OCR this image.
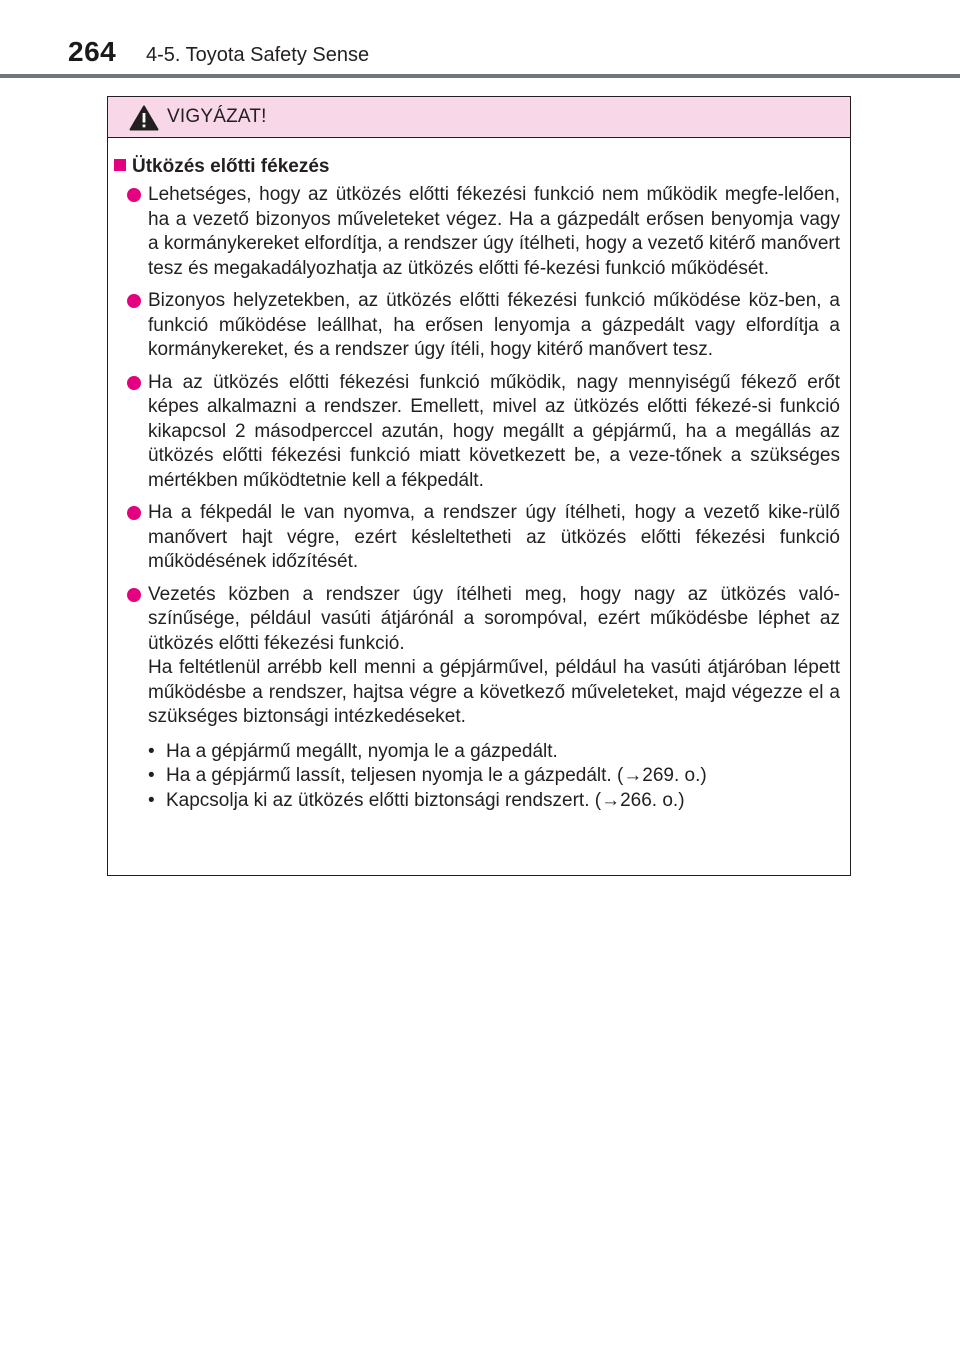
264 4-5. Toyota Safety Sense
VIGYÁZAT!
Ütközés előtti fékezés

Lehetséges, hogy az ütközés előtti fékezési funkció nem működik megfe-lelően, ha a vezető bizonyos műveleteket végez. Ha a gázpedált erősen benyomja vagy a kormánykereket elfordítja, a rendszer úgy ítélheti, hogy a vezető kitérő manővert tesz és megakadályozhatja az ütközés előtti fé-kezési funkció működését.

Bizonyos helyzetekben, az ütközés előtti fékezési funkció működése köz-ben, a funkció működése leállhat, ha erősen lenyomja a gázpedált vagy elfordítja a kormánykereket, és a rendszer úgy ítéli, hogy kitérő manővert tesz.

Ha az ütközés előtti fékezési funkció működik, nagy mennyiségű fékező erőt képes alkalmazni a rendszer. Emellett, mivel az ütközés előtti fékezé-si funkció kikapcsol 2 másodperccel azután, hogy megállt a gépjármű, ha a megállás az ütközés előtti fékezési funkció miatt következett be, a veze-tőnek a szükséges mértékben működtetnie kell a fékpedált.

Ha a fékpedál le van nyomva, a rendszer úgy ítélheti, hogy a vezető kike-rülő manővert hajt végre, ezért késleltetheti az ütközés előtti fékezési funkció működésének időzítését.

Vezetés közben a rendszer úgy ítélheti meg, hogy nagy az ütközés való-színűsége, például vasúti átjárónál a sorompóval, ezért működésbe léphet az ütközés előtti fékezési funkció.

Ha feltétlenül arrébb kell menni a gépjárművel, például ha vasúti átjáróban lépett működésbe a rendszer, hajtsa végre a következő műveleteket, majd végezze el a szükséges biztonsági intézkedéseket.

• Ha a gépjármű megállt, nyomja le a gázpedált.
• Ha a gépjármű lassít, teljesen nyomja le a gázpedált. (→269. o.)
• Kapcsolja ki az ütközés előtti biztonsági rendszert. (→266. o.)
